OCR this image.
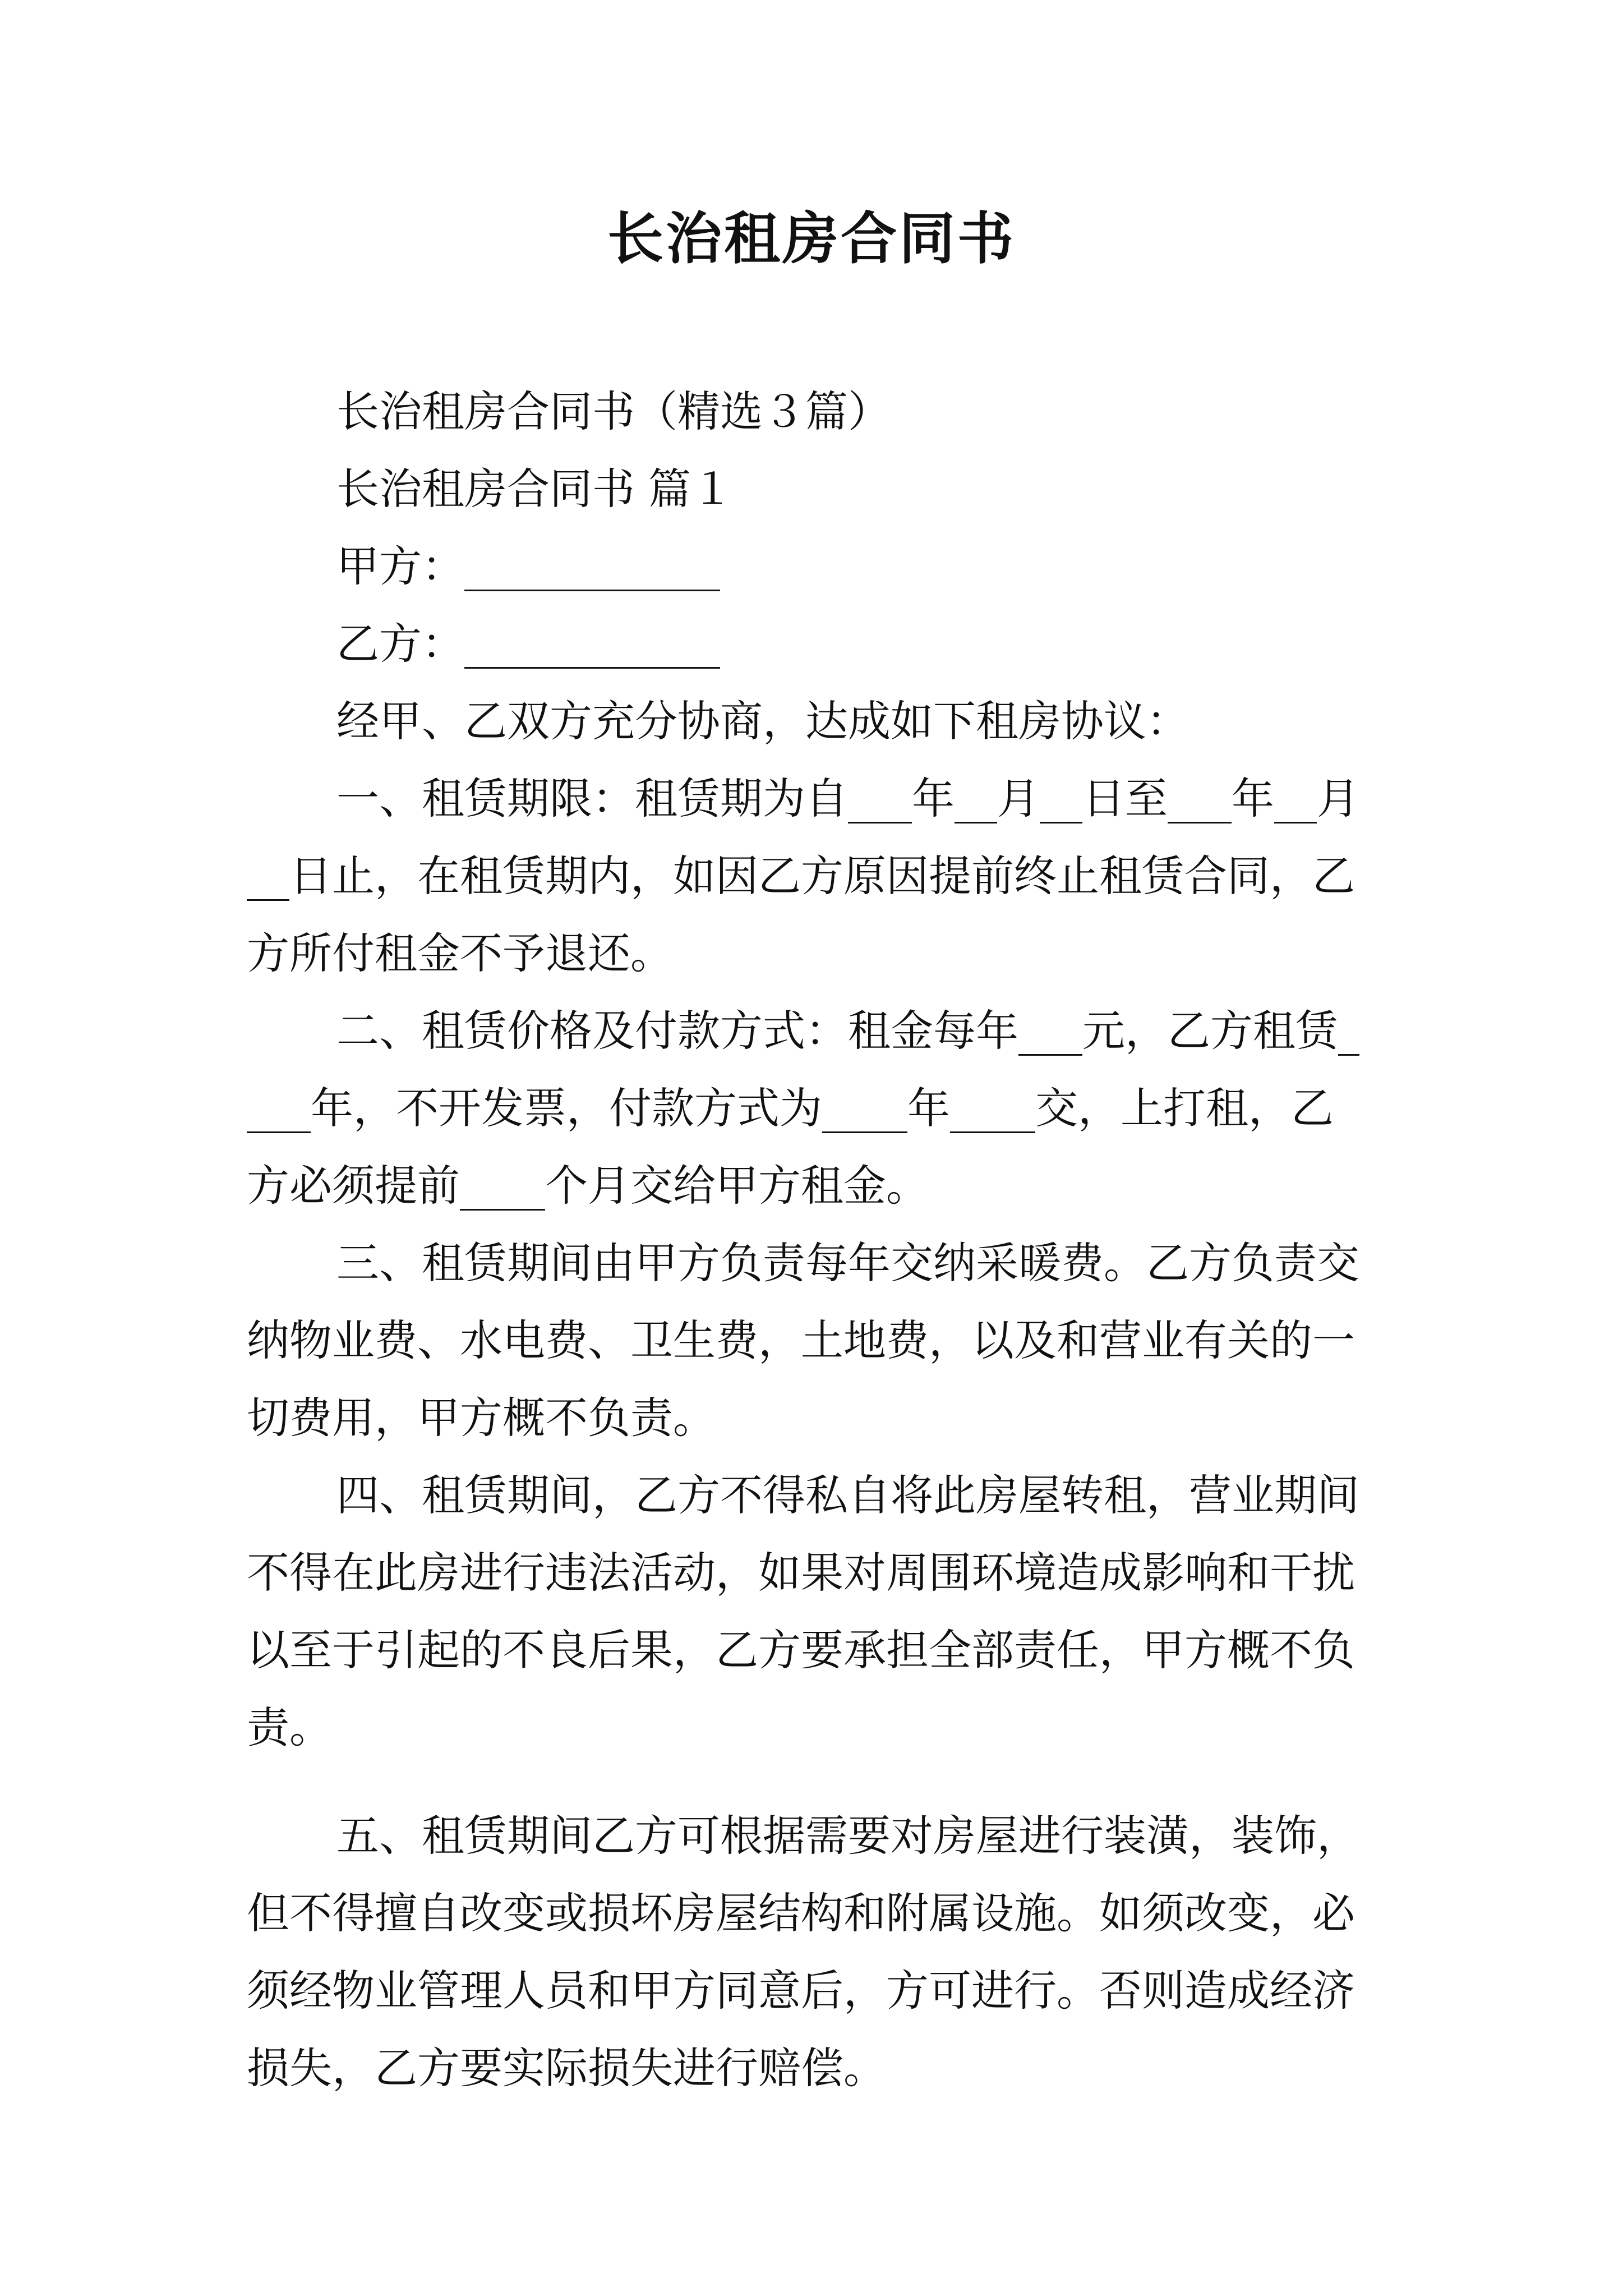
长治租房合同书

长治租房合同书（精选３篇）

长治租房合同书 篇１

甲方：____________

乙方：____________

经甲、乙双方充分协商，达成如下租房协议：

一、租赁期限：租赁期为自___年__月__日至___年__月__日止，在租赁期内，如因乙方原因提前终止租赁合同，乙方所付租金不予退还。

二、租赁价格及付款方式：租金每年___元，乙方租赁____年，不开发票，付款方式为____年____交，上打租，乙方必须提前____个月交给甲方租金。

三、租赁期间由甲方负责每年交纳采暖费。乙方负责交纳物业费、水电费、卫生费，土地费，以及和营业有关的一切费用，甲方概不负责。

四、租赁期间，乙方不得私自将此房屋转租，营业期间不得在此房进行违法活动，如果对周围环境造成影响和干扰以至于引起的不良后果，乙方要承担全部责任，甲方概不负责。

五、租赁期间乙方可根据需要对房屋进行装潢，装饰，但不得擅自改变或损坏房屋结构和附属设施。如须改变，必须经物业管理人员和甲方同意后，方可进行。否则造成经济损失，乙方要实际损失进行赔偿。
